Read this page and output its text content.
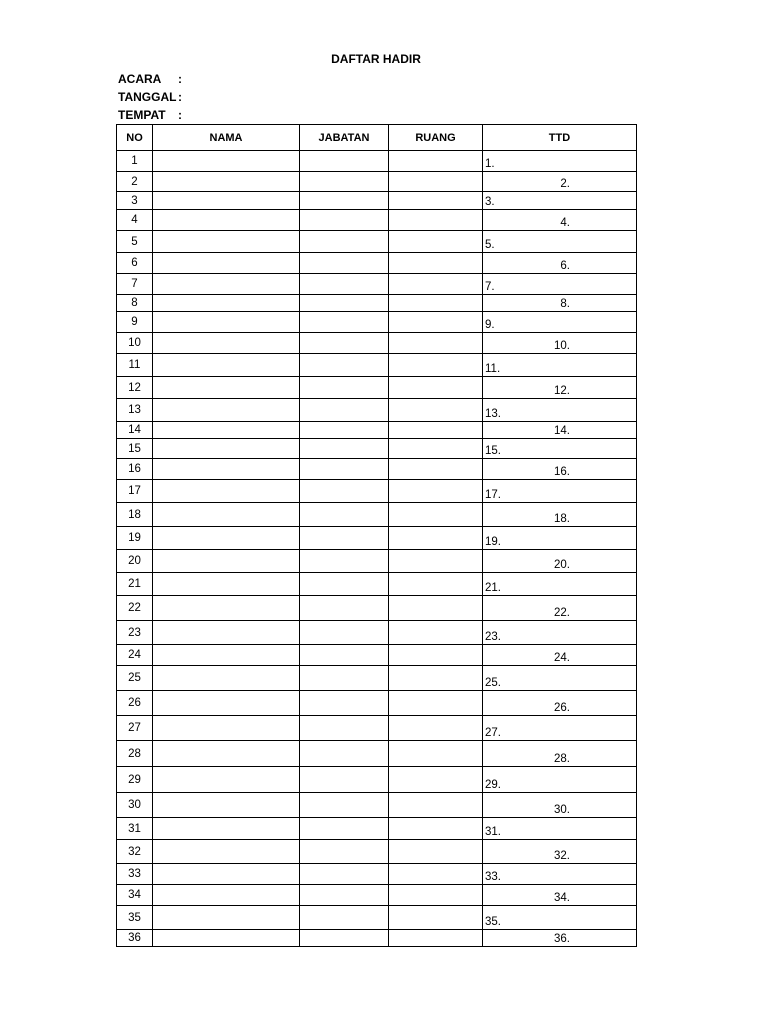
DAFTAR HADIR
ACARA :
TANGGAL :
TEMPAT :
NO	NAMA	JABATAN	RUANG	TTD
1				1.

2				2.

3				3.

4				4.

5				5.

6				6.

7				7.

8				8.

9				9.

10				10.

11				11.

12				12.

13				13.

14				14.

15				15.

16				16.

17				17.

18				18.

19				19.

20				20.

21				21.

22				22.

23				23.

24				24.

25				25.

26				26.

27				27.

28				28.

29				29.

30				30.

31				31.

32				32.

33				33.

34				34.

35				35.

36				36.
